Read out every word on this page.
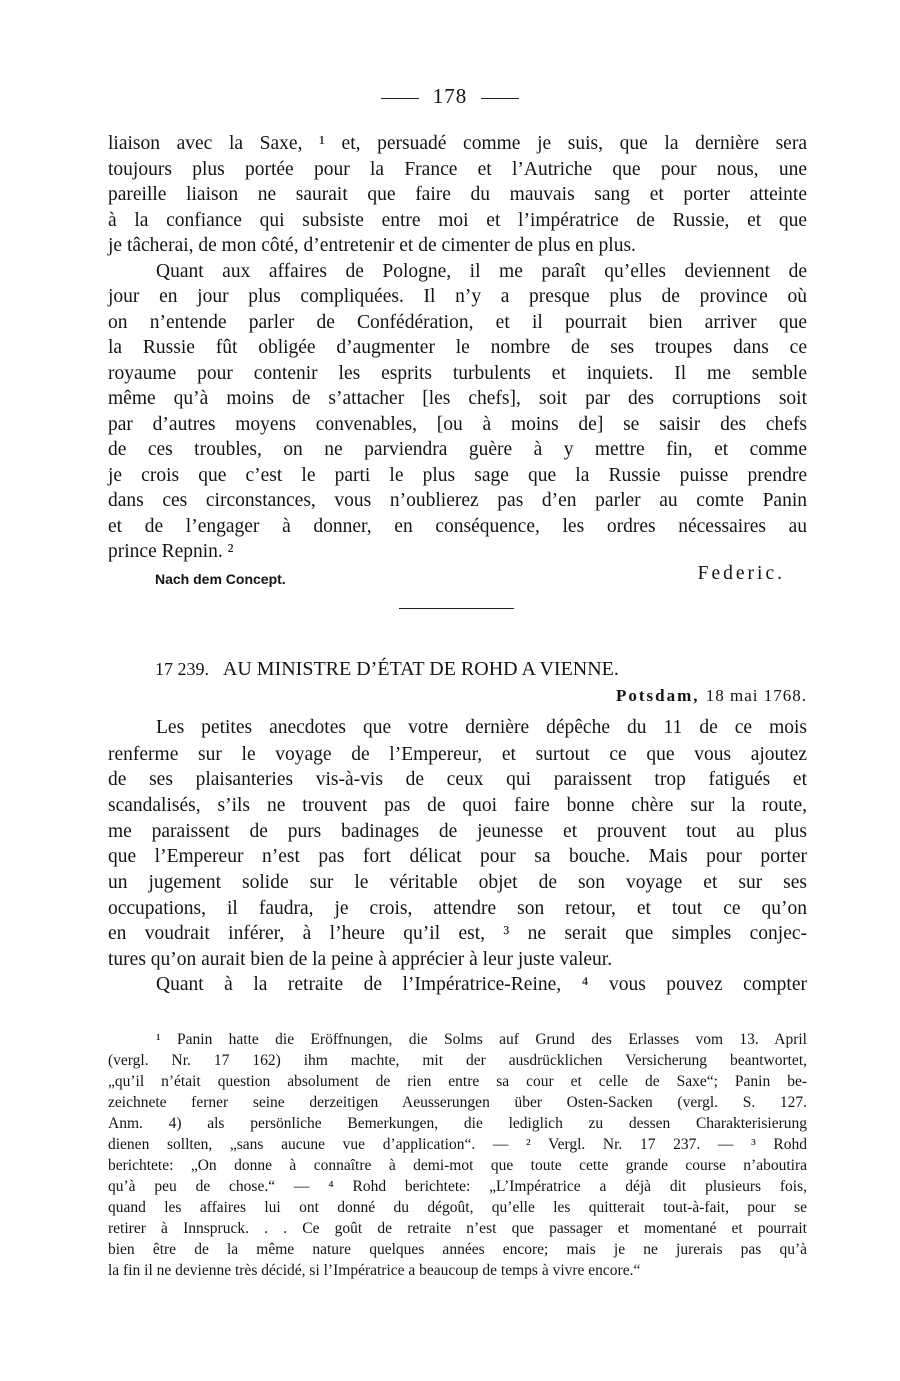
178
liaison avec la Saxe, ¹ et, persuadé comme je suis, que la dernière sera
toujours plus portée pour la France et l’Autriche que pour nous, une
pareille liaison ne saurait que faire du mauvais sang et porter atteinte
à la confiance qui subsiste entre moi et l’impératrice de Russie, et que
je tâcherai, de mon côté, d’entretenir et de cimenter de plus en plus.
Quant aux affaires de Pologne, il me paraît qu’elles deviennent de
jour en jour plus compliquées. Il n’y a presque plus de province où
on n’entende parler de Confédération, et il pourrait bien arriver que
la Russie fût obligée d’augmenter le nombre de ses troupes dans ce
royaume pour contenir les esprits turbulents et inquiets. Il me semble
même qu’à moins de s’attacher [les chefs], soit par des corruptions soit
par d’autres moyens convenables, [ou à moins de] se saisir des chefs
de ces troubles, on ne parviendra guère à y mettre fin, et comme
je crois que c’est le parti le plus sage que la Russie puisse prendre
dans ces circonstances, vous n’oublierez pas d’en parler au comte Panin
et de l’engager à donner, en conséquence, les ordres nécessaires au
prince Repnin. ²
Nach dem Concept.	Federic.
17 239. AU MINISTRE D’ÉTAT DE ROHD A VIENNE.
Potsdam, 18 mai 1768.
Les petites anecdotes que votre dernière dépêche du 11 de ce mois
renferme sur le voyage de l’Empereur, et surtout ce que vous ajoutez
de ses plaisanteries vis-à-vis de ceux qui paraissent trop fatigués et
scandalisés, s’ils ne trouvent pas de quoi faire bonne chère sur la route,
me paraissent de purs badinages de jeunesse et prouvent tout au plus
que l’Empereur n’est pas fort délicat pour sa bouche. Mais pour porter
un jugement solide sur le véritable objet de son voyage et sur ses
occupations, il faudra, je crois, attendre son retour, et tout ce qu’on
en voudrait inférer, à l’heure qu’il est, ³ ne serait que simples conjec-
tures qu’on aurait bien de la peine à apprécier à leur juste valeur.
Quant à la retraite de l’Impératrice-Reine, ⁴ vous pouvez compter
¹ Panin hatte die Eröffnungen, die Solms auf Grund des Erlasses vom 13. April
(vergl. Nr. 17 162) ihm machte, mit der ausdrücklichen Versicherung beantwortet,
„qu’il n’était question absolument de rien entre sa cour et celle de Saxe“; Panin be-
zeichnete ferner seine derzeitigen Aeusserungen über Osten-Sacken (vergl. S. 127.
Anm. 4) als persönliche Bemerkungen, die lediglich zu dessen Charakterisierung
dienen sollten, „sans aucune vue d’application“. — ² Vergl. Nr. 17 237. — ³ Rohd
berichtete: „On donne à connaître à demi-mot que toute cette grande course n’aboutira
qu’à peu de chose.“ — ⁴ Rohd berichtete: „L’Impératrice a déjà dit plusieurs fois,
quand les affaires lui ont donné du dégoût, qu’elle les quitterait tout-à-fait, pour se
retirer à Innspruck. . . Ce goût de retraite n’est que passager et momentané et pourrait
bien être de la même nature quelques années encore; mais je ne jurerais pas qu’à
la fin il ne devienne très décidé, si l’Impératrice a beaucoup de temps à vivre encore.“
